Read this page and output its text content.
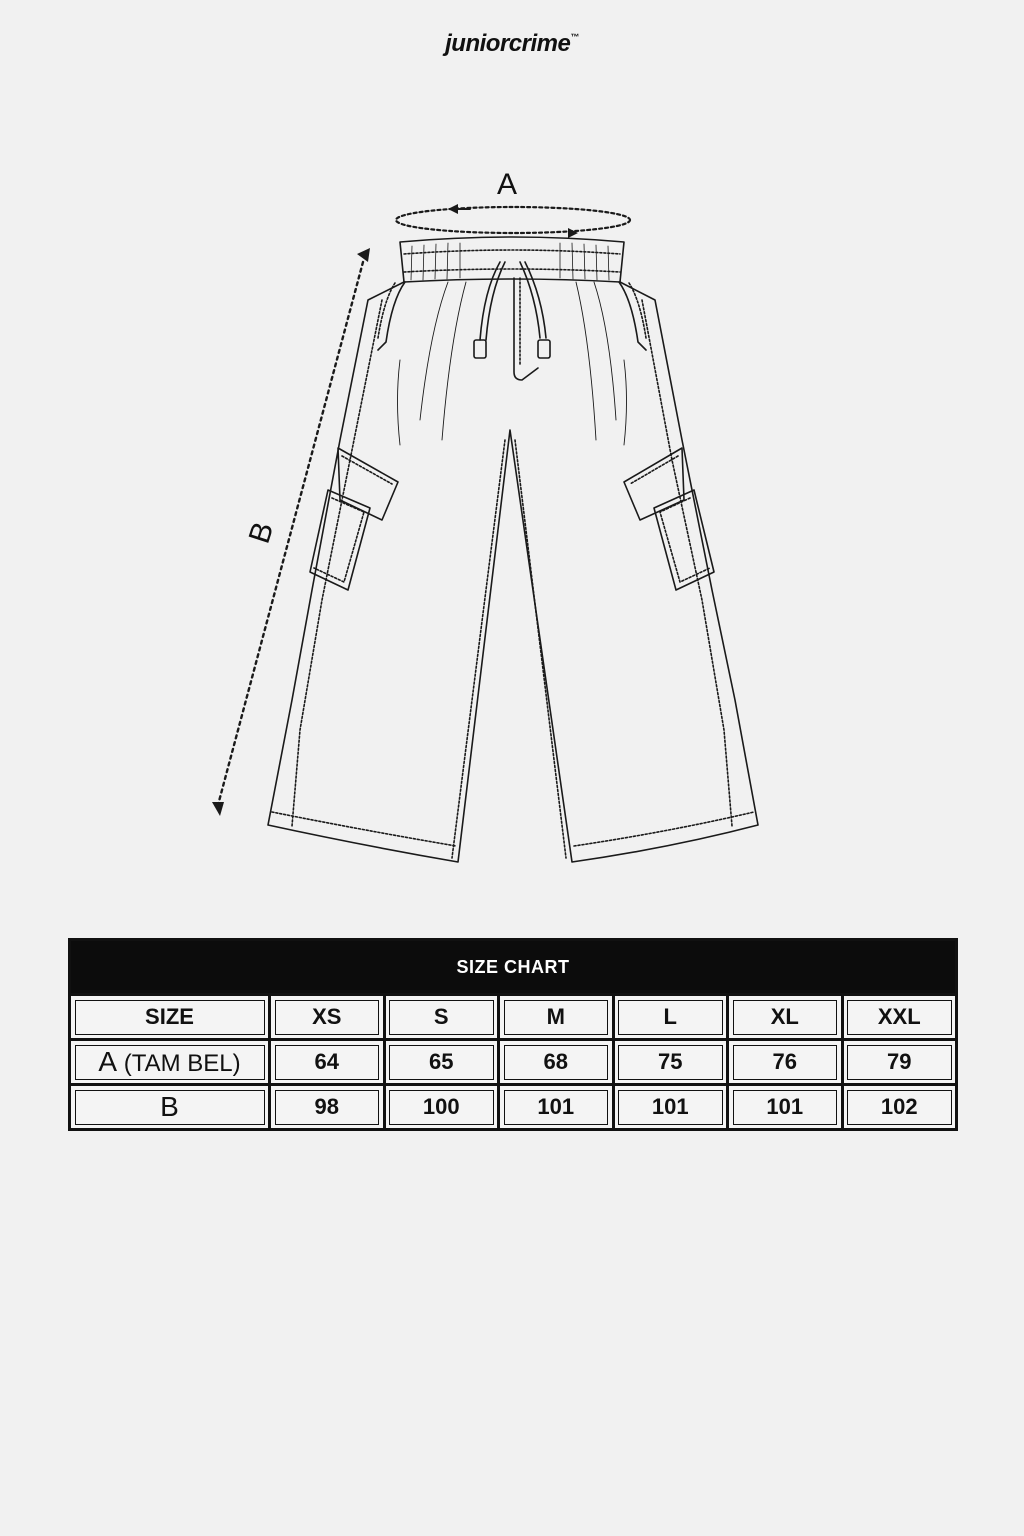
juniorcrime™
A
B
SIZE CHART						
SIZE	XS	S	M	L	XL	XXL
A (TAM BEL)	64	65	68	75	76	79
B	98	100	101	101	101	102
